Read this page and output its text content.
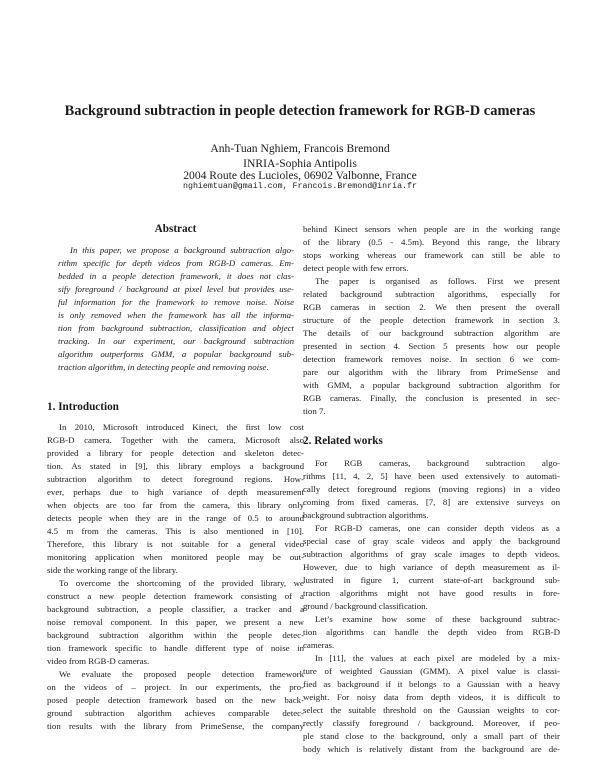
Background subtraction in people detection framework for RGB-D cameras
Anh-Tuan Nghiem, Francois Bremond
INRIA-Sophia Antipolis
2004 Route des Lucioles, 06902 Valbonne, France
nghiemtuan@gmail.com, Francois.Bremond@inria.fr
Abstract
In this paper, we propose a background subtraction algo-
rithm specific for depth videos from RGB-D cameras. Em-
bedded in a people detection framework, it does not clas-
sify foreground / background at pixel level but provides use-
ful information for the framework to remove noise. Noise
is only removed when the framework has all the informa-
tion from background subtraction, classification and object
tracking. In our experiment, our background subtraction
algorithm outperforms GMM, a popular background sub-
traction algorithm, in detecting people and removing noise.
1. Introduction
In 2010, Microsoft introduced Kinect, the first low cost
RGB-D camera. Together with the camera, Microsoft also
provided a library for people detection and skeleton detec-
tion. As stated in [9], this library employs a background
subtraction algorithm to detect foreground regions. How-
ever, perhaps due to high variance of depth measurement
when objects are too far from the camera, this library only
detects people when they are in the range of 0.5 to around
4.5 m from the cameras. This is also mentioned in [10].
Therefore, this library is not suitable for a general video
monitoring application when monitored people may be out-
side the working range of the library.
To overcome the shortcoming of the provided library, we
construct a new people detection framework consisting of a
background subtraction, a people classifier, a tracker and a
noise removal component. In this paper, we present a new
background subtraction algorithm within the people detec-
tion framework specific to handle different type of noise in
video from RGB-D cameras.
We evaluate the proposed people detection framework
on the videos of – project. In our experiments, the pro-
posed people detection framework based on the new back-
ground subtraction algorithm achieves comparable detec-
tion results with the library from PrimeSense, the company
behind Kinect sensors when people are in the working range
of the library (0.5 - 4.5m). Beyond this range, the library
stops working whereas our framework can still be able to
detect people with few errors.
The paper is organised as follows. First we present
related background subtraction algorithms, especially for
RGB cameras in section 2. We then present the overall
structure of the people detection framework in section 3.
The details of our background subtraction algorithm are
presented in section 4. Section 5 presents how our people
detection framework removes noise. In section 6 we com-
pare our algorithm with the library from PrimeSense and
with GMM, a popular background subtraction algorithm for
RGB cameras. Finally, the conclusion is presented in sec-
tion 7.
2. Related works
For RGB cameras, background subtraction algo-
rithms [11, 4, 2, 5] have been used extensively to automati-
cally detect foreground regions (moving regions) in a video
coming from fixed cameras. [7, 8] are extensive surveys on
background subtraction algorithms.
For RGB-D cameras, one can consider depth videos as a
special case of gray scale videos and apply the background
subtraction algorithms of gray scale images to depth videos.
However, due to high variance of depth measurement as il-
lustrated in figure 1, current state-of-art background sub-
traction algorithms might not have good results in fore-
ground / background classification.
Let’s examine how some of these background subtrac-
tion algorithms can handle the depth video from RGB-D
cameras.
In [11], the values at each pixel are modeled by a mix-
ture of weighted Gaussian (GMM). A pixel value is classi-
fied as background if it belongs to a Gaussian with a heavy
weight. For noisy data from depth videos, it is difficult to
select the suitable threshold on the Gaussian weights to cor-
rectly classify foreground / background. Moreover, if peo-
ple stand close to the background, only a small part of their
body which is relatively distant from the background are de-
